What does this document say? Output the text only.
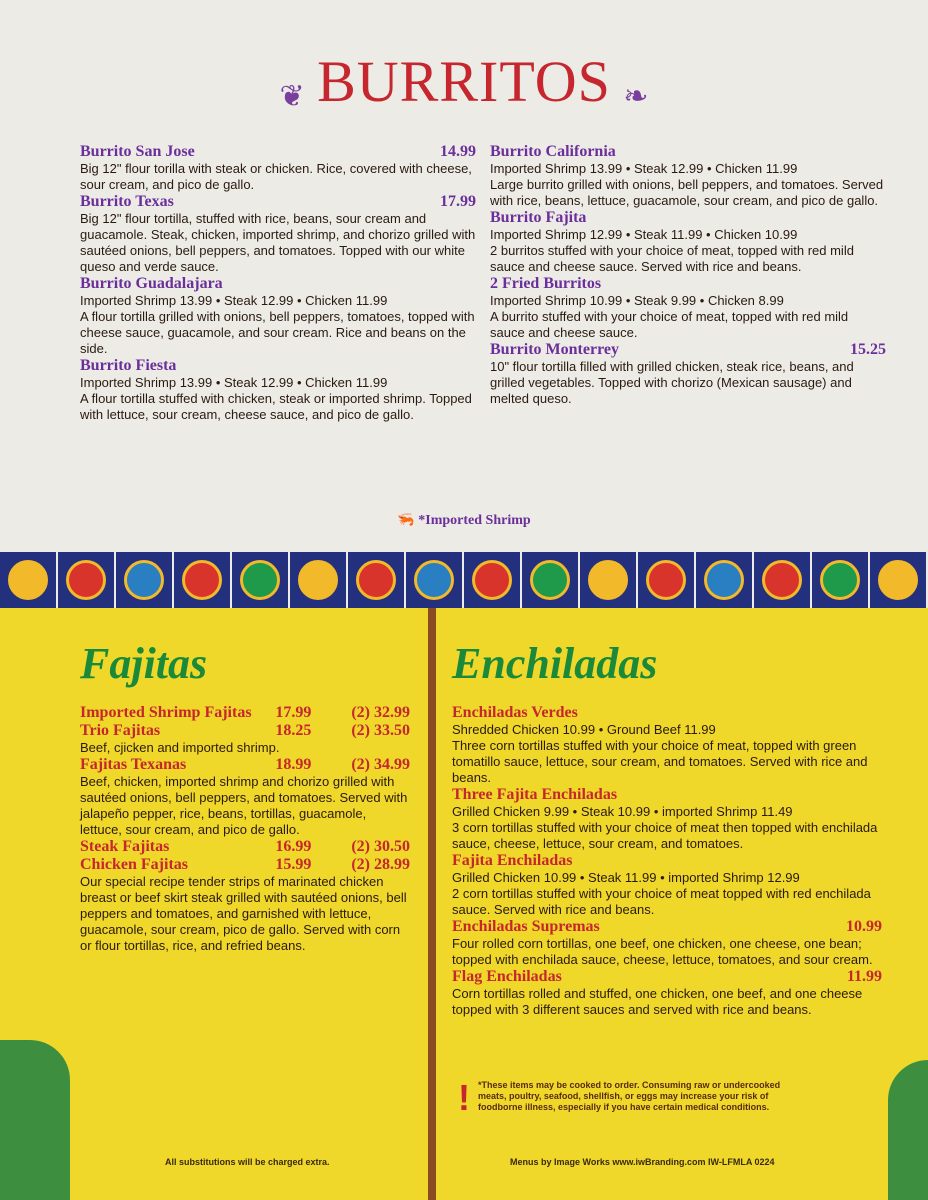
❦ BURRITOS ❧
Burrito San Jose	14.99
Big 12" flour torilla with steak or chicken. Rice, covered with cheese, sour cream, and pico de gallo.
Burrito Texas	17.99
Big 12" flour tortilla, stuffed with rice, beans, sour cream and guacamole. Steak, chicken, imported shrimp, and chorizo grilled with sautéed onions, bell peppers, and tomatoes. Topped with our white queso and verde sauce.
Burrito Guadalajara
Imported Shrimp 13.99 • Steak 12.99 • Chicken 11.99
A flour tortilla grilled with onions, bell peppers, tomatoes, topped with cheese sauce, guacamole, and sour cream. Rice and beans on the side.
Burrito Fiesta
Imported Shrimp 13.99 • Steak 12.99 • Chicken 11.99
A flour tortilla stuffed with chicken, steak or imported shrimp. Topped with lettuce, sour cream, cheese sauce, and pico de gallo.
Burrito California
Imported Shrimp 13.99 • Steak 12.99 • Chicken 11.99
Large burrito grilled with onions, bell peppers, and tomatoes. Served with rice, beans, lettuce, guacamole, sour cream, and pico de gallo.
Burrito Fajita
Imported Shrimp 12.99 • Steak 11.99 • Chicken 10.99
2 burritos stuffed with your choice of meat, topped with red mild sauce and cheese sauce. Served with rice and beans.
2 Fried Burritos
Imported Shrimp 10.99 • Steak 9.99 • Chicken 8.99
A burrito stuffed with your choice of meat, topped with red mild sauce and cheese sauce.
Burrito Monterrey	15.25
10" flour tortilla filled with grilled chicken, steak rice, beans, and grilled vegetables. Topped with chorizo (Mexican sausage) and melted queso.
🦐 *Imported Shrimp
Fajitas	Enchiladas
Imported Shrimp Fajitas 17.99	(2) 32.99
Trio Fajitas	18.25	(2) 33.50
Beef, cjicken and imported shrimp.
Fajitas Texanas	18.99	(2) 34.99
Beef, chicken, imported shrimp and chorizo grilled with sautéed onions, bell peppers, and tomatoes. Served with jalapeño pepper, rice, beans, tortillas, guacamole, lettuce, sour cream, and pico de gallo.
Steak Fajitas	16.99	(2) 30.50
Chicken Fajitas	15.99	(2) 28.99
Our special recipe tender strips of marinated chicken breast or beef skirt steak grilled with sautéed onions, bell peppers and tomatoes, and garnished with lettuce, guacamole, sour cream, pico de gallo. Served with corn or flour tortillas, rice, and refried beans.
Enchiladas Verdes
Shredded Chicken 10.99 • Ground Beef 11.99
Three corn tortillas stuffed with your choice of meat, topped with green tomatillo sauce, lettuce, sour cream, and tomatoes. Served with rice and beans.
Three Fajita Enchiladas
Grilled Chicken 9.99 • Steak 10.99 • imported Shrimp 11.49
3 corn tortillas stuffed with your choice of meat then topped with enchilada sauce, cheese, lettuce, sour cream, and tomatoes.
Fajita Enchiladas
Grilled Chicken 10.99 • Steak 11.99 • imported Shrimp 12.99
2 corn tortillas stuffed with your choice of meat topped with red enchilada sauce. Served with rice and beans.
Enchiladas Supremas	10.99
Four rolled corn tortillas, one beef, one chicken, one cheese, one bean; topped with enchilada sauce, cheese, lettuce, tomatoes, and sour cream.
Flag Enchiladas	11.99
Corn tortillas rolled and stuffed, one chicken, one beef, and one cheese topped with 3 different sauces and served with rice and beans.
! *These items may be cooked to order. Consuming raw or undercooked meats, poultry, seafood, shellfish, or eggs may increase your risk of foodborne illness, especially if you have certain medical conditions.
All substitutions will be charged extra.	Menus by Image Works www.iwBranding.com IW-LFMLA 0224
